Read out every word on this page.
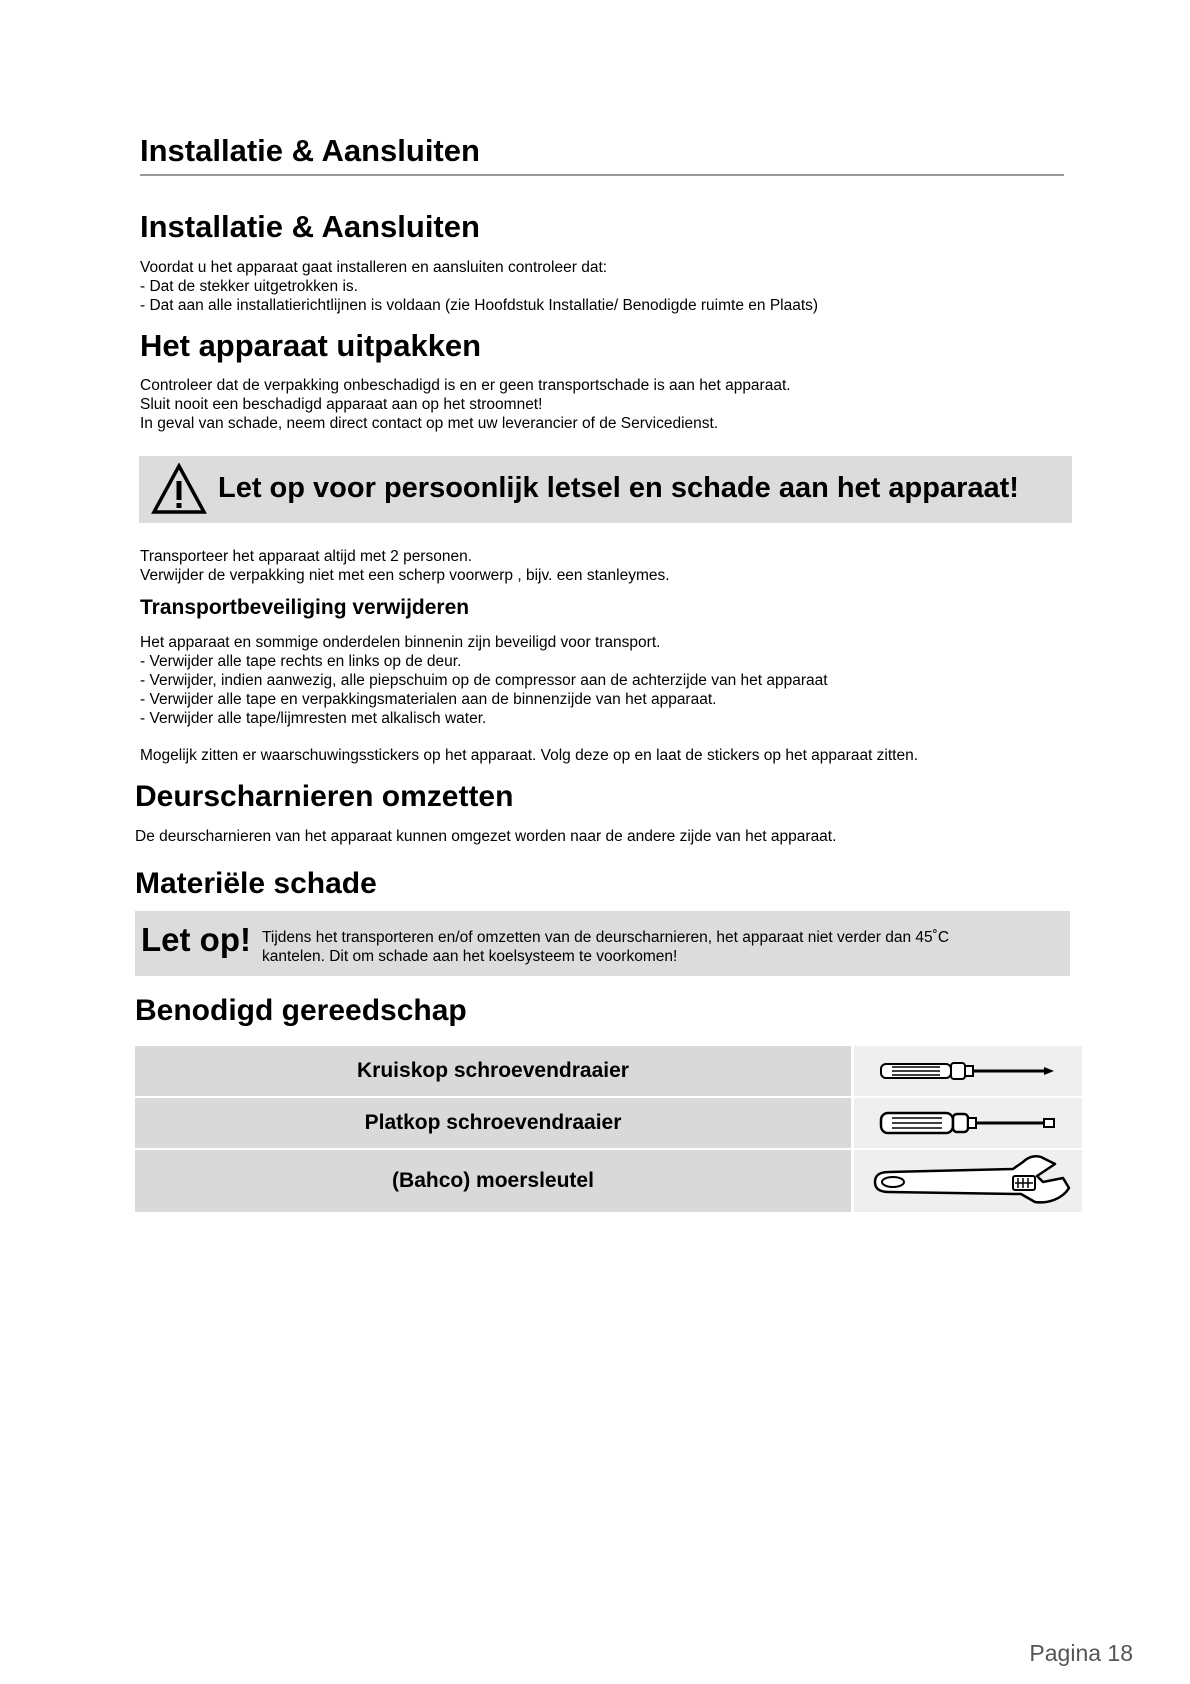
Installatie & Aansluiten
Installatie & Aansluiten
Voordat u het apparaat gaat installeren en aansluiten controleer dat:
- Dat de stekker uitgetrokken is.
- Dat aan alle installatierichtlijnen is voldaan (zie Hoofdstuk Installatie/ Benodigde ruimte en Plaats)
Het apparaat uitpakken
Controleer dat de verpakking onbeschadigd is en er geen transportschade is aan het apparaat.
Sluit nooit een beschadigd apparaat aan op het stroomnet!
In geval van schade, neem direct contact op met uw leverancier of de Servicedienst.
Let op voor persoonlijk letsel en schade aan het apparaat!
Transporteer het apparaat altijd met 2 personen.
Verwijder de verpakking niet met een scherp voorwerp , bijv. een stanleymes.
Transportbeveiliging verwijderen
Het apparaat en sommige onderdelen binnenin zijn beveiligd voor transport.
- Verwijder alle tape rechts en links op de deur.
- Verwijder, indien aanwezig, alle piepschuim op de compressor aan de achterzijde van het apparaat
- Verwijder alle tape en verpakkingsmaterialen aan de binnenzijde van het apparaat.
- Verwijder alle tape/lijmresten met alkalisch water.
Mogelijk zitten er waarschuwingsstickers op het apparaat. Volg deze op en laat de stickers op het apparaat zitten.
Deurscharnieren omzetten
De deurscharnieren van het apparaat kunnen omgezet worden naar de andere zijde van het apparaat.
Materiële schade
Let op! Tijdens het transporteren en/of omzetten van de deurscharnieren, het apparaat niet verder dan 45˚C
kantelen. Dit om schade aan het koelsysteem te voorkomen!
Benodigd gereedschap
Kruiskop schroevendraaier
Platkop schroevendraaier
(Bahco) moersleutel
Pagina 18
